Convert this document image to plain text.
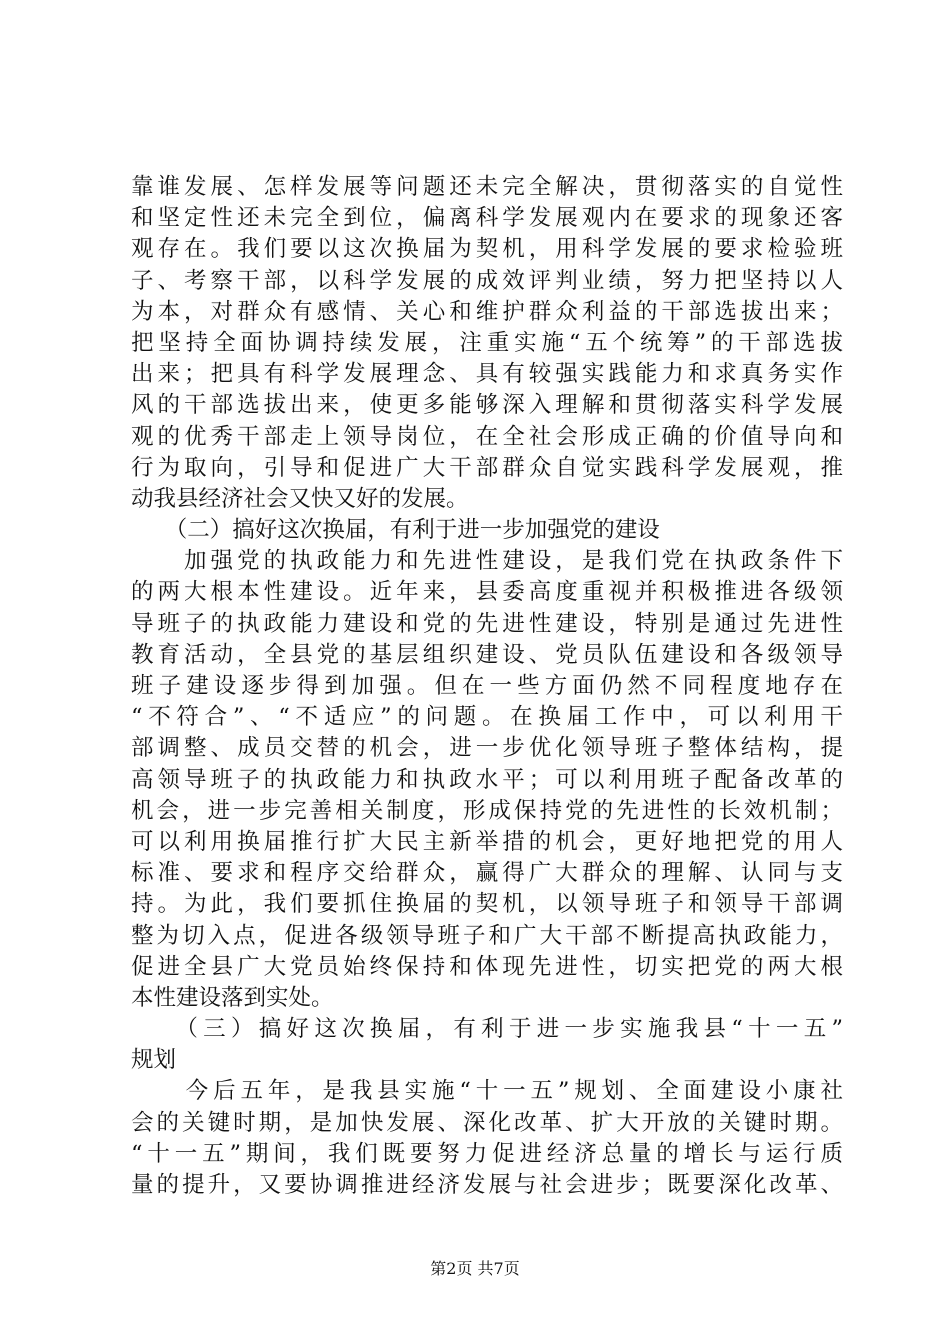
靠谁发展、怎样发展等问题还未完全解决，贯彻落实的自觉性
和坚定性还未完全到位，偏离科学发展观内在要求的现象还客
观存在。我们要以这次换届为契机，用科学发展的要求检验班
子、考察干部，以科学发展的成效评判业绩，努力把坚持以人
为本，对群众有感情、关心和维护群众利益的干部选拔出来；
把坚持全面协调持续发展，注重实施“五个统筹”的干部选拔
出来；把具有科学发展理念、具有较强实践能力和求真务实作
风的干部选拔出来，使更多能够深入理解和贯彻落实科学发展
观的优秀干部走上领导岗位，在全社会形成正确的价值导向和
行为取向，引导和促进广大干部群众自觉实践科学发展观，推
动我县经济社会又快又好的发展。
　　（二）搞好这次换届，有利于进一步加强党的建设
　　加强党的执政能力和先进性建设，是我们党在执政条件下
的两大根本性建设。近年来，县委高度重视并积极推进各级领
导班子的执政能力建设和党的先进性建设，特别是通过先进性
教育活动，全县党的基层组织建设、党员队伍建设和各级领导
班子建设逐步得到加强。但在一些方面仍然不同程度地存在
“不符合”、“不适应”的问题。在换届工作中，可以利用干
部调整、成员交替的机会，进一步优化领导班子整体结构，提
高领导班子的执政能力和执政水平；可以利用班子配备改革的
机会，进一步完善相关制度，形成保持党的先进性的长效机制；
可以利用换届推行扩大民主新举措的机会，更好地把党的用人
标准、要求和程序交给群众，赢得广大群众的理解、认同与支
持。为此，我们要抓住换届的契机，以领导班子和领导干部调
整为切入点，促进各级领导班子和广大干部不断提高执政能力，
促进全县广大党员始终保持和体现先进性，切实把党的两大根
本性建设落到实处。
　　（三）搞好这次换届，有利于进一步实施我县“十一五”
规划
　　今后五年，是我县实施“十一五”规划、全面建设小康社
会的关键时期，是加快发展、深化改革、扩大开放的关键时期。
“十一五”期间，我们既要努力促进经济总量的增长与运行质
量的提升，又要协调推进经济发展与社会进步；既要深化改革、
第2页 共7页
